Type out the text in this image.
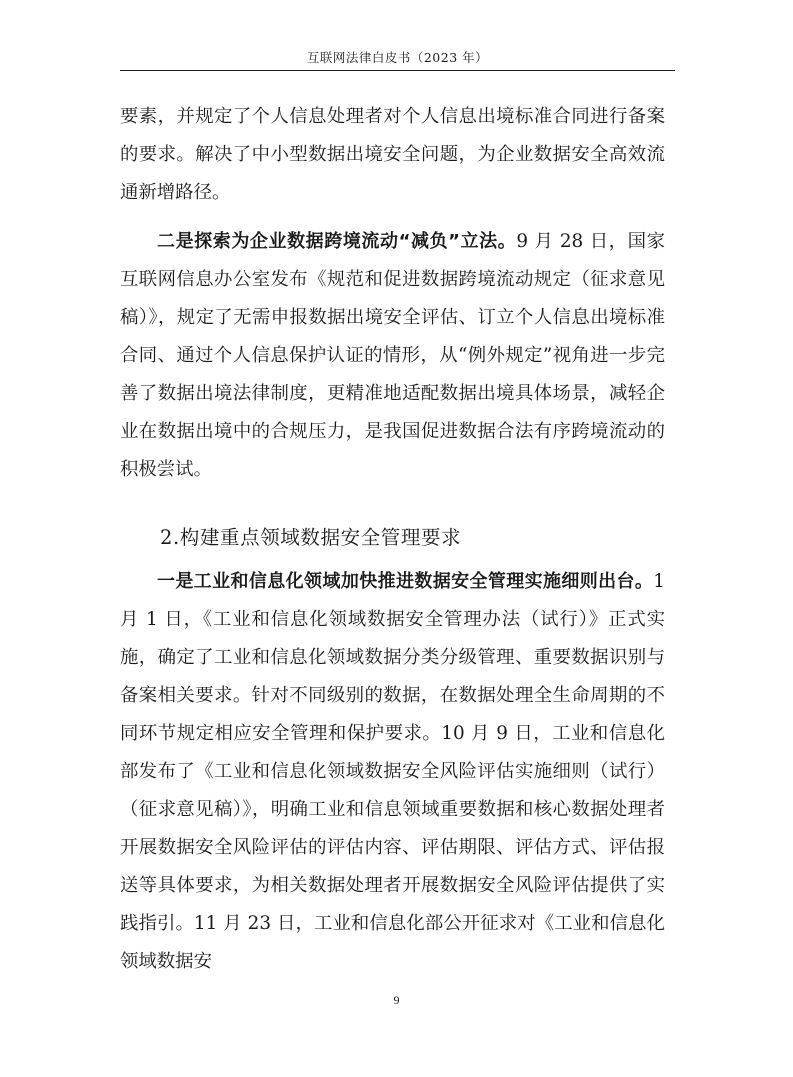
互联网法律白皮书（2023 年）

要素，并规定了个人信息处理者对个人信息出境标准合同进行备案的要求。解决了中小型数据出境安全问题，为企业数据安全高效流通新增路径。

二是探索为企业数据跨境流动“减负”立法。9 月 28 日，国家互联网信息办公室发布《规范和促进数据跨境流动规定（征求意见稿）》，规定了无需申报数据出境安全评估、订立个人信息出境标准合同、通过个人信息保护认证的情形，从“例外规定”视角进一步完善了数据出境法律制度，更精准地适配数据出境具体场景，减轻企业在数据出境中的合规压力，是我国促进数据合法有序跨境流动的积极尝试。

2.构建重点领域数据安全管理要求

一是工业和信息化领域加快推进数据安全管理实施细则出台。1 月 1 日，《工业和信息化领域数据安全管理办法（试行）》正式实施，确定了工业和信息化领域数据分类分级管理、重要数据识别与备案相关要求。针对不同级别的数据，在数据处理全生命周期的不同环节规定相应安全管理和保护要求。10 月 9 日，工业和信息化部发布了《工业和信息化领域数据安全风险评估实施细则（试行）（征求意见稿）》，明确工业和信息领域重要数据和核心数据处理者开展数据安全风险评估的评估内容、评估期限、评估方式、评估报送等具体要求，为相关数据处理者开展数据安全风险评估提供了实践指引。11 月 23 日，工业和信息化部公开征求对《工业和信息化领域数据安

9
